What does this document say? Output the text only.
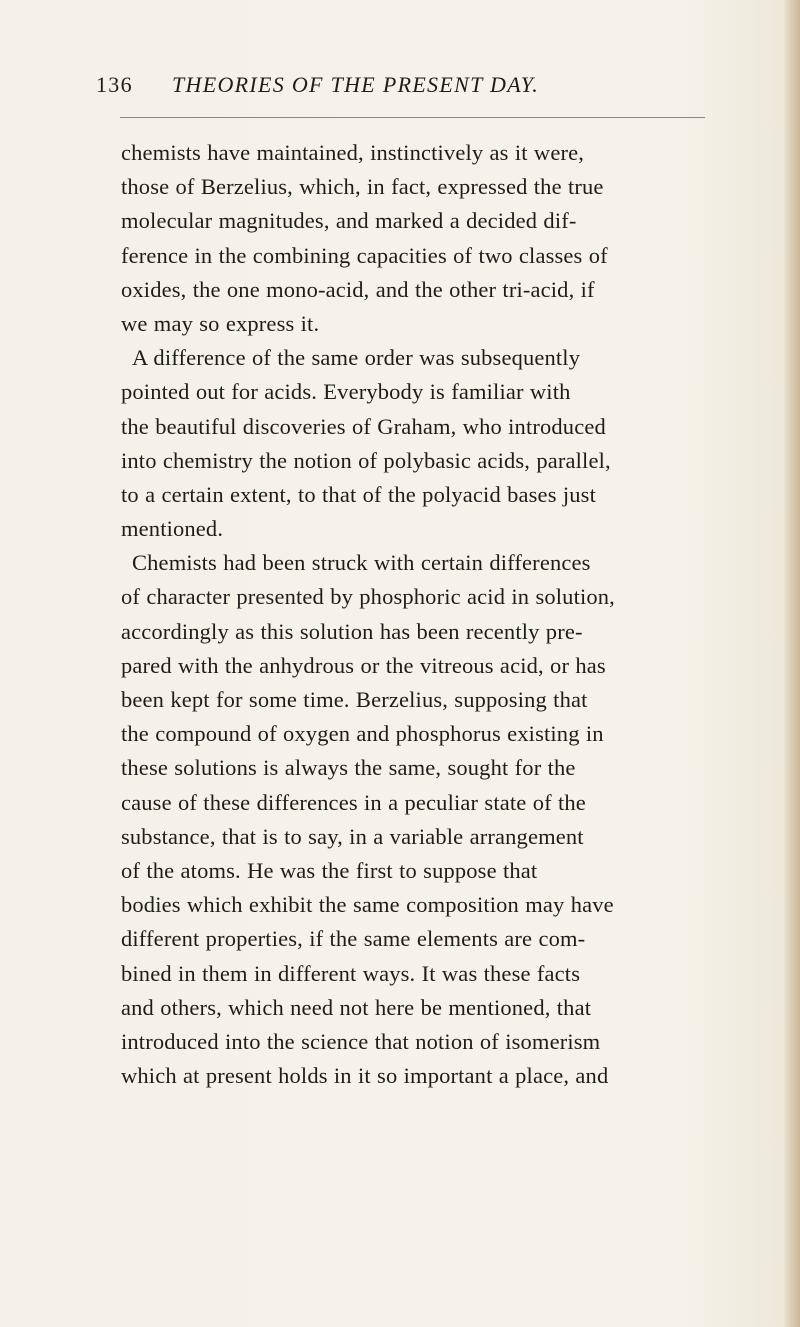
136 THEORIES OF THE PRESENT DAY.
chemists have maintained, instinctively as it were,
those of Berzelius, which, in fact, expressed the true
molecular magnitudes, and marked a decided dif-
ference in the combining capacities of two classes of
oxides, the one mono-acid, and the other tri-acid, if
we may so express it.
A difference of the same order was subsequently
pointed out for acids. Everybody is familiar with
the beautiful discoveries of Graham, who introduced
into chemistry the notion of polybasic acids, parallel,
to a certain extent, to that of the polyacid bases just
mentioned.
Chemists had been struck with certain differences
of character presented by phosphoric acid in solution,
accordingly as this solution has been recently pre-
pared with the anhydrous or the vitreous acid, or has
been kept for some time. Berzelius, supposing that
the compound of oxygen and phosphorus existing in
these solutions is always the same, sought for the
cause of these differences in a peculiar state of the
substance, that is to say, in a variable arrangement
of the atoms. He was the first to suppose that
bodies which exhibit the same composition may have
different properties, if the same elements are com-
bined in them in different ways. It was these facts
and others, which need not here be mentioned, that
introduced into the science that notion of isomerism
which at present holds in it so important a place, and
